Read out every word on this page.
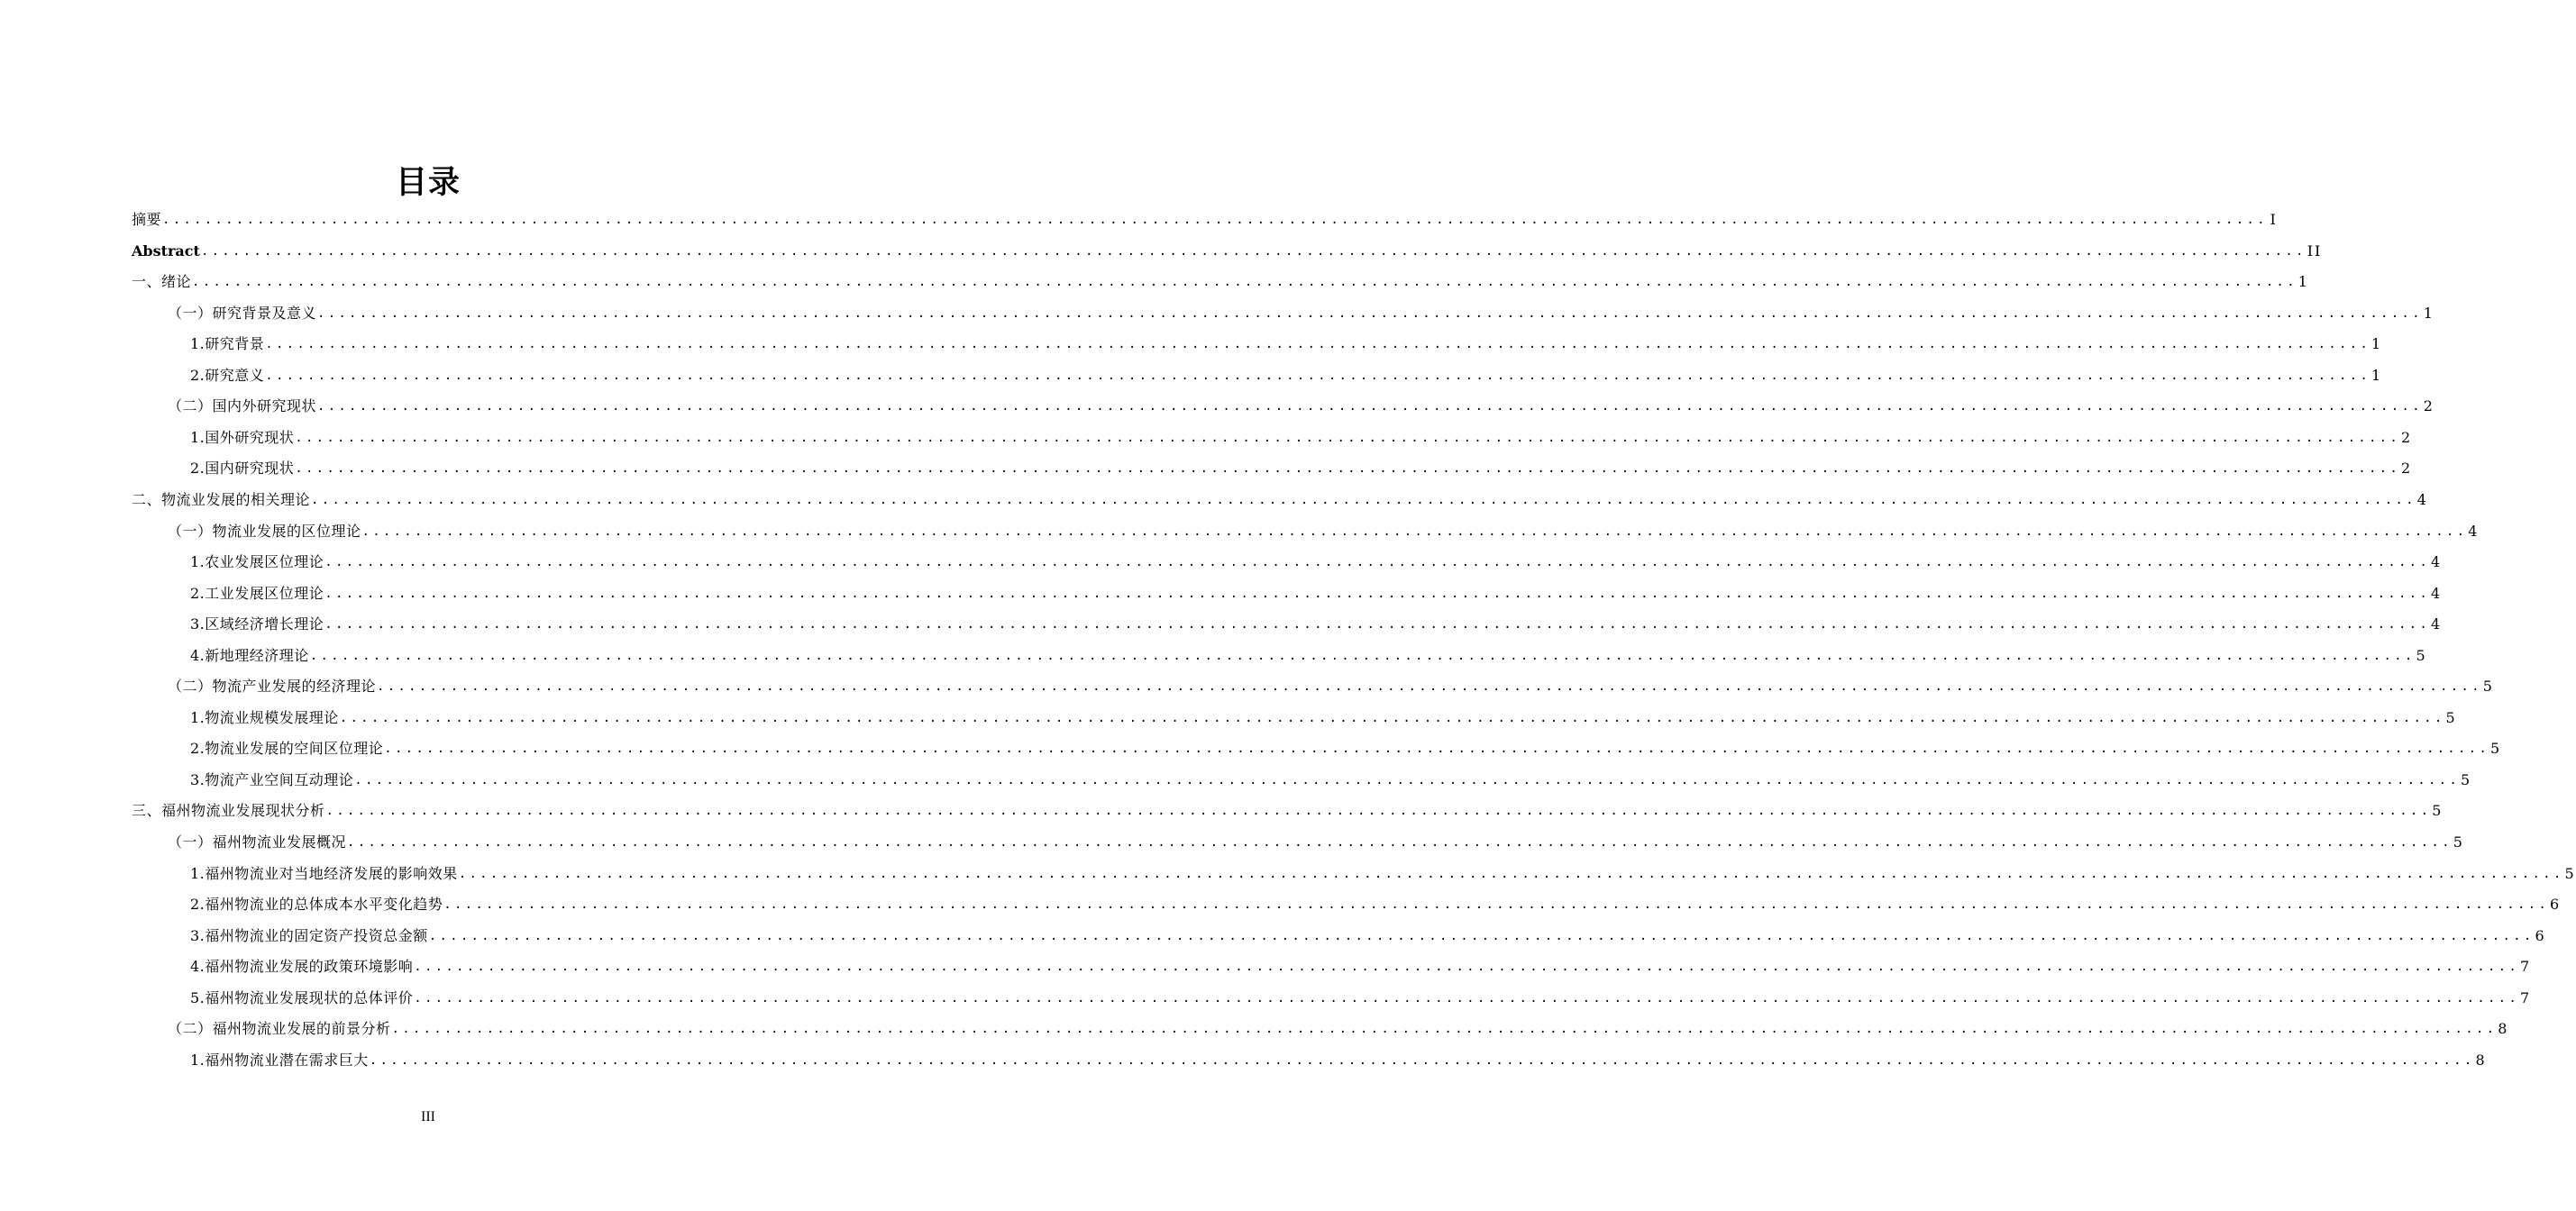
目录
摘要 ........................................................................................................................................................................................................ I
Abstract ........................................................................................................................................................................................................ II
一、绪论 ........................................................................................................................................................................................................ 1
（一）研究背景及意义 ........................................................................................................................................................................................................ 1
1.研究背景 ........................................................................................................................................................................................................ 1
2.研究意义 ........................................................................................................................................................................................................ 1
（二）国内外研究现状 ........................................................................................................................................................................................................ 2
1.国外研究现状 ........................................................................................................................................................................................................ 2
2.国内研究现状 ........................................................................................................................................................................................................ 2
二、物流业发展的相关理论 ........................................................................................................................................................................................................ 4
（一）物流业发展的区位理论 ........................................................................................................................................................................................................ 4
1.农业发展区位理论 ........................................................................................................................................................................................................ 4
2.工业发展区位理论 ........................................................................................................................................................................................................ 4
3.区域经济增长理论 ........................................................................................................................................................................................................ 4
4.新地理经济理论 ........................................................................................................................................................................................................ 5
（二）物流产业发展的经济理论 ........................................................................................................................................................................................................ 5
1.物流业规模发展理论 ........................................................................................................................................................................................................ 5
2.物流业发展的空间区位理论 ........................................................................................................................................................................................................ 5
3.物流产业空间互动理论 ........................................................................................................................................................................................................ 5
三、福州物流业发展现状分析 ........................................................................................................................................................................................................ 5
（一）福州物流业发展概况 ........................................................................................................................................................................................................ 5
1.福州物流业对当地经济发展的影响效果 ........................................................................................................................................................................................................ 5
2.福州物流业的总体成本水平变化趋势 ........................................................................................................................................................................................................ 6
3.福州物流业的固定资产投资总金额 ........................................................................................................................................................................................................ 6
4.福州物流业发展的政策环境影响 ........................................................................................................................................................................................................ 7
5.福州物流业发展现状的总体评价 ........................................................................................................................................................................................................ 7
（二）福州物流业发展的前景分析 ........................................................................................................................................................................................................ 8
1.福州物流业潜在需求巨大 ........................................................................................................................................................................................................ 8
III
